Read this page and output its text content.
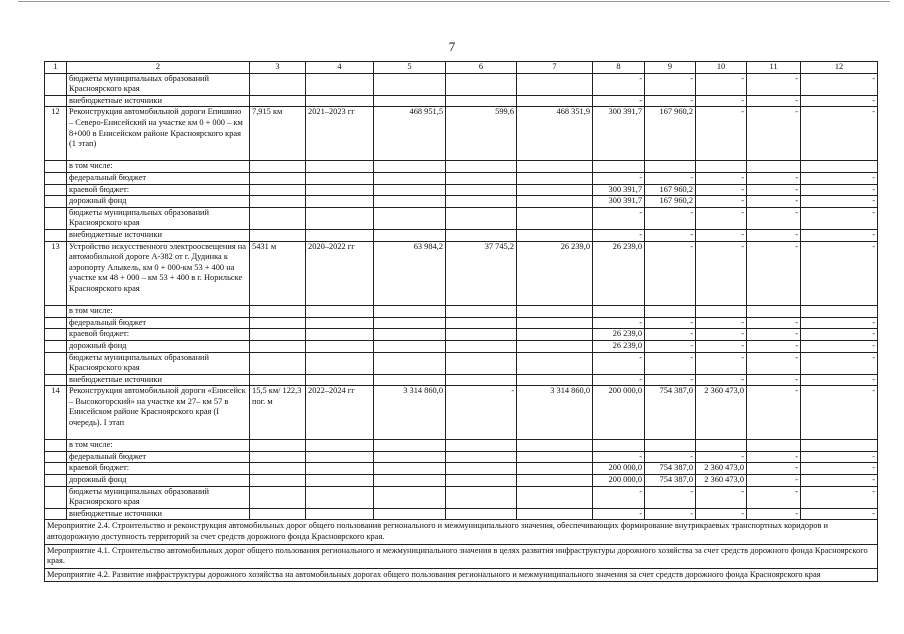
7
1	2	3	4	5	6	7	8	9	10	11	12
	бюджеты муниципальных образований
Красноярского края						-	-	-	-	-
	внебюджетные источники						-	-	-	-	-
12	Реконструкция автомобильной дороги Епишино – Северо-Енисейский на участке км 0 + 000 – км 8+000 в Енисейском районе Красноярского края (1 этап)	7,915 км	2021–2023 гг	468 951,5	599,6	468 351,9	300 391,7	167 960,2	-	-	-
	в том числе:										
	федеральный бюджет						-	-	-	-	-
	краевой бюджет:						300 391,7	167 960,2	-	-	-
	дорожный фонд						300 391,7	167 960,2	-	-	-
	бюджеты муниципальных образований Красноярского края						-	-	-	-	-
	внебюджетные источники						-	-	-	-	-
13	Устройство искусственного электроосвещения на автомобильной дороге А-382 от г. Дудинка к аэропорту Алыкель, км 0 + 000-км 53 + 400 на участке км 48 + 000 – км 53 + 400 в г. Норильске Красноярского края	5431 м	2020–2022 гг	63 984,2	37 745,2	26 239,0	26 239,0	-	-	-	-
	в том числе:										
	федеральный бюджет						-	-	-	-	-
	краевой бюджет:						26 239,0	-	-	-	-
	дорожный фонд						26 239,0	-	-	-	-
	бюджеты муниципальных образований Красноярского края						-	-	-	-	-
	внебюджетные источники						-	-	-	-	-
14	Реконструкция автомобильной дороги «Енисейск – Высокогорский» на участке км 27– км 57 в Енисейском районе Красноярского края (I очередь). I этап	15,5 км/ 122,3 пог. м	2022–2024 гг	3 314 860,0	-	3 314 860,0	200 000,0	754 387,0	2 360 473,0	-	-
	в том числе:										
	федеральный бюджет						-	-	-	-	-
	краевой бюджет:						200 000,0	754 387,0	2 360 473,0	-	-
	дорожный фонд						200 000,0	754 387,0	2 360 473,0	-	-
	бюджеты муниципальных образований Красноярского края						-	-	-	-	-
	внебюджетные источники						-	-	-	-	-
Мероприятие 2.4. Строительство и реконструкция автомобильных дорог общего пользования регионального и межмуниципального значения, обеспечивающих формирование внутрикраевых транспортных коридоров и автодорожную доступность территорий за счет средств дорожного фонда Красноярского края.											
Мероприятие 4.1. Строительство автомобильных дорог общего пользования регионального и межмуниципального значения в целях развития инфраструктуры дорожного хозяйства за счет средств дорожного фонда Красноярского края.											
Мероприятие 4.2. Развитие инфраструктуры дорожного хозяйства на автомобильных дорогах общего пользования регионального и межмуниципального значения за счет средств дорожного фонда Красноярского края											
